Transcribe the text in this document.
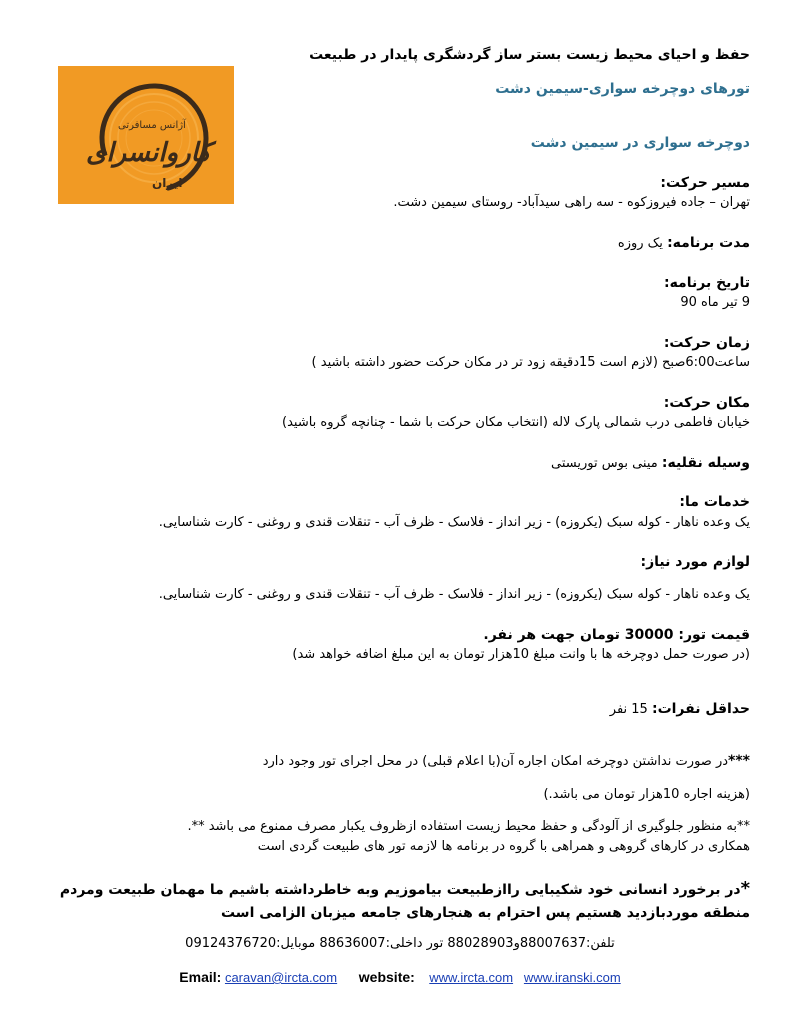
حفظ و احیای محیط زیست بستر ساز گردشگری پایدار در طبیعت
تورهای دوچرخه سواری-سیمین دشت
آژانس مسافرتی
کاروانسرای
ایران
دوچرخه سواری در سیمین دشت
مسیر حرکت:
تهران – جاده فیروزکوه - سه راهی سیدآباد- روستای سیمین دشت.
مدت برنامه: یک روزه
تاریخ برنامه:
9 تیر ماه 90
زمان حرکت:
ساعت6:00صبح (لازم است 15دقیقه زود تر در مکان حرکت حضور داشته باشید )
مکان حرکت:
خیابان فاطمی درب شمالی پارک لاله (انتخاب مکان حرکت با شما - چنانچه گروه باشید)
وسیله نقلیه: مینی بوس توریستی
خدمات ما:
یک وعده ناهار - کوله سبک (یکروزه) - زیر انداز - فلاسک - ظرف آب - تنقلات قندی و روغنی - کارت شناسایی.
لوازم مورد نیاز:
یک وعده ناهار - کوله سبک (یکروزه) - زیر انداز - فلاسک - ظرف آب - تنقلات قندی و روغنی - کارت شناسایی.
قیمت تور: 30000 تومان جهت هر نفر.
(در صورت حمل دوچرخه ها با وانت مبلغ 10هزار تومان به این مبلغ اضافه خواهد شد)
حداقل نفرات: 15 نفر
***در صورت نداشتن دوچرخه امکان اجاره آن(با اعلام قبلی) در محل اجرای تور وجود دارد
(هزینه اجاره 10هزار تومان می باشد.)
**به منظور جلوگیری از آلودگی و حفظ محیط زیست استفاده ازظروف یکبار مصرف ممنوع می باشد **.
همکاری در کارهای گروهی و همراهی با گروه در برنامه ها لازمه تور های طبیعت گردی است
*در برخورد انسانی خود شکیبایی راازطبیعت بیاموزیم وبه خاطرداشته باشیم ما مهمان طبیعت ومردم
منطقه موردبازدید هستیم پس احترام به هنجارهای جامعه میزبان الزامی است
تلفن:88007637و88028903 تور داخلی:88636007 موبایل:09124376720
Email: caravan@ircta.com website: www.ircta.com www.iranski.com
